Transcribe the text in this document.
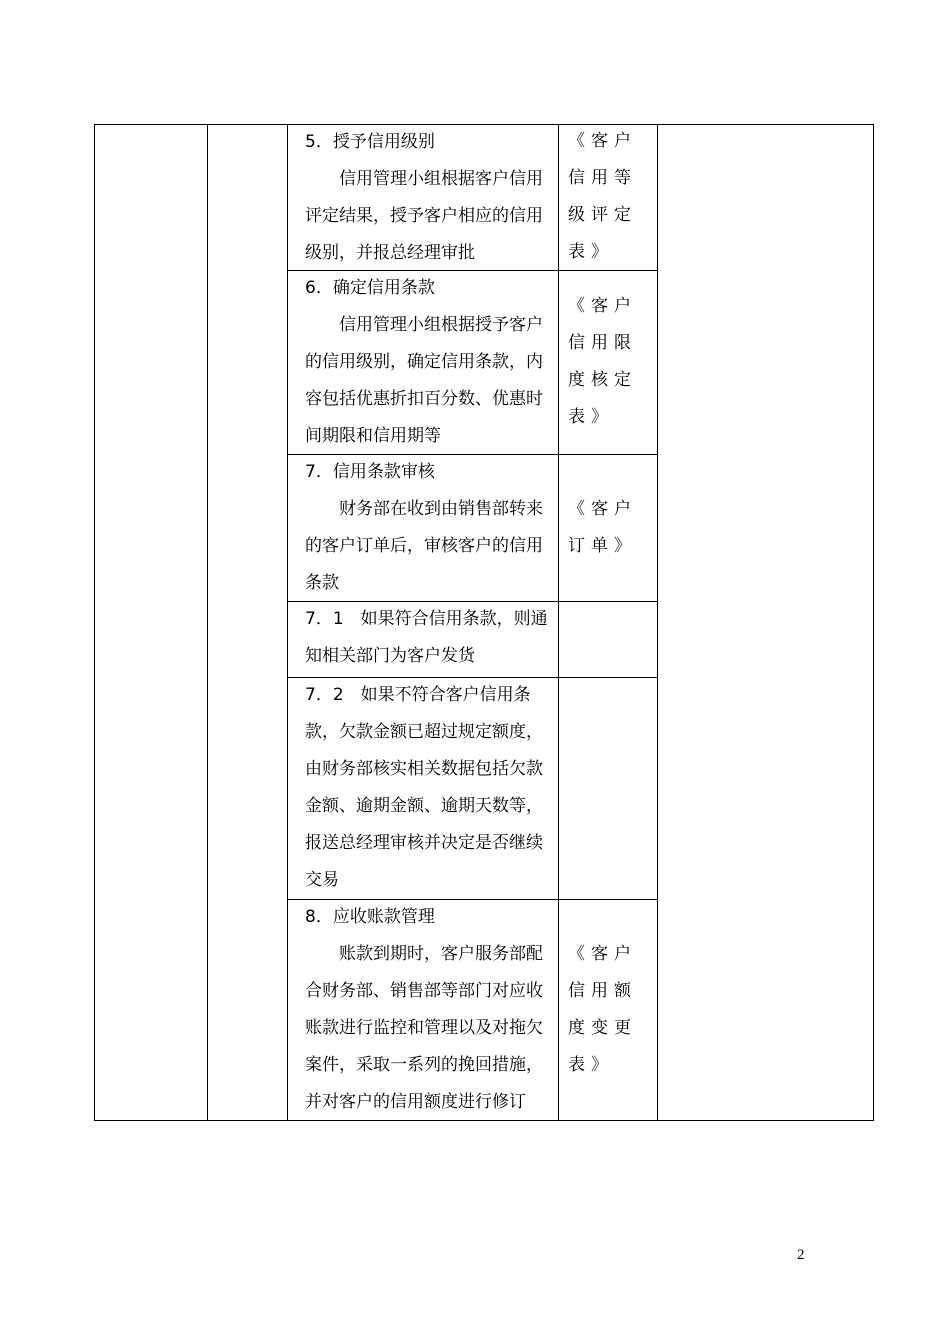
5．授予信用级别
信用管理小组根据客户信用评定结果，授予客户相应的信用级别，并报总经理审批
《客户信用等级评定表》
6．确定信用条款
信用管理小组根据授予客户的信用级别，确定信用条款，内容包括优惠折扣百分数、优惠时间期限和信用期等
《客户信用限度核定表》
7．信用条款审核
财务部在收到由销售部转来的客户订单后，审核客户的信用条款
《客户订单》
7．1　如果符合信用条款，则通知相关部门为客户发货
7．2　如果不符合客户信用条款，欠款金额已超过规定额度，由财务部核实相关数据包括欠款金额、逾期金额、逾期天数等，报送总经理审核并决定是否继续交易
8．应收账款管理
账款到期时，客户服务部配合财务部、销售部等部门对应收账款进行监控和管理以及对拖欠案件，采取一系列的挽回措施，并对客户的信用额度进行修订
《客户信用额度变更表》
2
